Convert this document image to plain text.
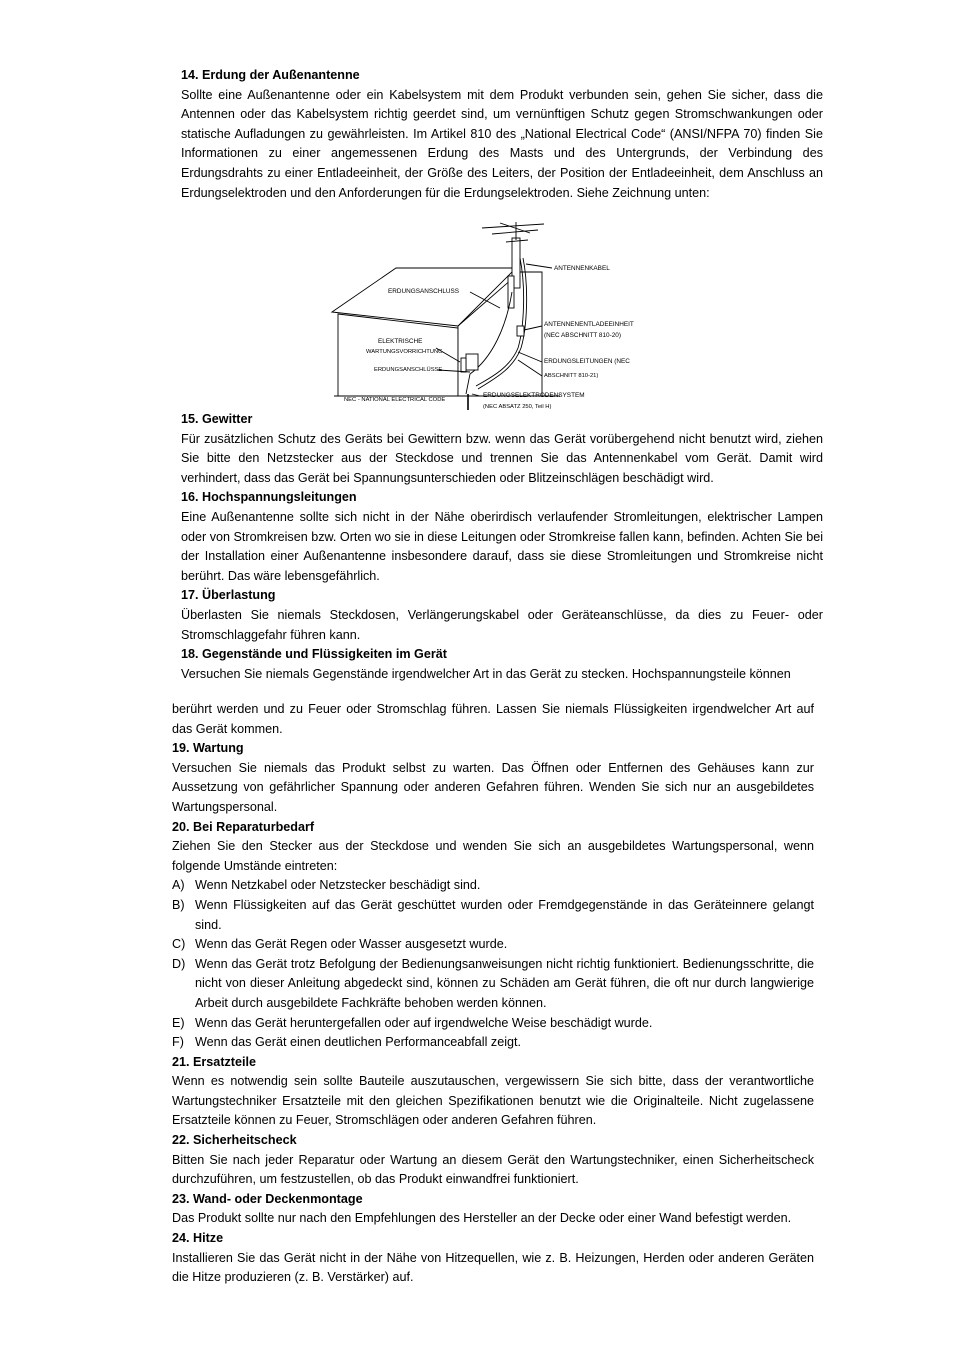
14. Erdung der Außenantenne

Sollte eine Außenantenne oder ein Kabelsystem mit dem Produkt verbunden sein, gehen Sie sicher, dass die Antennen oder das Kabelsystem richtig geerdet sind, um vernünftigen Schutz gegen Stromschwankungen oder statische Aufladungen zu gewährleisten. Im Artikel 810 des „National Electrical Code“ (ANSI/NFPA 70) finden Sie Informationen zu einer angemessenen Erdung des Masts und des Untergrunds, der Verbindung des Erdungsdrahts zu einer Entladeeinheit, der Größe des Leiters, der Position der Entladeeinheit, dem Anschluss an Erdungselektroden und den Anforderungen für die Erdungselektroden. Siehe Zeichnung unten:

ANTENNENKABEL
ERDUNGSANSCHLUSS
ANTENNENENTLADEEINHEIT
(NEC ABSCHNITT 810-20)
ELEKTRISCHE
WARTUNGSVORRICHTUNG
ERDUNGSLEITUNGEN (NEC
ABSCHNITT 810-21)
ERDUNGSANSCHLÜSSE
ERDUNGSELEKTRODENSYSTEM
(NEC ABSATZ 250, Teil H)
NEC - NATIONAL ELECTRICAL CODE
15. Gewitter

Für zusätzlichen Schutz des Geräts bei Gewittern bzw. wenn das Gerät vorübergehend nicht benutzt wird, ziehen Sie bitte den Netzstecker aus der Steckdose und trennen Sie das Antennenkabel vom Gerät. Damit wird verhindert, dass das Gerät bei Spannungsunterschieden oder Blitzeinschlägen beschädigt wird.

16. Hochspannungsleitungen

Eine Außenantenne sollte sich nicht in der Nähe oberirdisch verlaufender Stromleitungen, elektrischer Lampen oder von Stromkreisen bzw. Orten wo sie in diese Leitungen oder Stromkreise fallen kann, befinden. Achten Sie bei der Installation einer Außenantenne insbesondere darauf, dass sie diese Stromleitungen und Stromkreise nicht berührt. Das wäre lebensgefährlich.

17. Überlastung

Überlasten Sie niemals Steckdosen, Verlängerungskabel oder Geräteanschlüsse, da dies zu Feuer- oder Stromschlaggefahr führen kann.

18. Gegenstände und Flüssigkeiten im Gerät

Versuchen Sie niemals Gegenstände irgendwelcher Art in das Gerät zu stecken. Hochspannungsteile können

berührt werden und zu Feuer oder Stromschlag führen. Lassen Sie niemals Flüssigkeiten irgendwelcher Art auf das Gerät kommen.

19. Wartung

Versuchen Sie niemals das Produkt selbst zu warten. Das Öffnen oder Entfernen des Gehäuses kann zur Aussetzung von gefährlicher Spannung oder anderen Gefahren führen. Wenden Sie sich nur an ausgebildetes Wartungspersonal.

20. Bei Reparaturbedarf

Ziehen Sie den Stecker aus der Steckdose und wenden Sie sich an ausgebildetes Wartungspersonal, wenn folgende Umstände eintreten:

A) Wenn Netzkabel oder Netzstecker beschädigt sind.
B) Wenn Flüssigkeiten auf das Gerät geschüttet wurden oder Fremdgegenstände in das Geräteinnere gelangt sind.
C) Wenn das Gerät Regen oder Wasser ausgesetzt wurde.
D) Wenn das Gerät trotz Befolgung der Bedienungsanweisungen nicht richtig funktioniert. Bedienungsschritte, die nicht von dieser Anleitung abgedeckt sind, können zu Schäden am Gerät führen, die oft nur durch langwierige Arbeit durch ausgebildete Fachkräfte behoben werden können.
E) Wenn das Gerät heruntergefallen oder auf irgendwelche Weise beschädigt wurde.
F) Wenn das Gerät einen deutlichen Performanceabfall zeigt.
21. Ersatzteile

Wenn es notwendig sein sollte Bauteile auszutauschen, vergewissern Sie sich bitte, dass der verantwortliche Wartungstechniker Ersatzteile mit den gleichen Spezifikationen benutzt wie die Originalteile. Nicht zugelassene Ersatzteile können zu Feuer, Stromschlägen oder anderen Gefahren führen.

22. Sicherheitscheck

Bitten Sie nach jeder Reparatur oder Wartung an diesem Gerät den Wartungstechniker, einen Sicherheitscheck durchzuführen, um festzustellen, ob das Produkt einwandfrei funktioniert.

23. Wand- oder Deckenmontage

Das Produkt sollte nur nach den Empfehlungen des Hersteller an der Decke oder einer Wand befestigt werden.

24. Hitze

Installieren Sie das Gerät nicht in der Nähe von Hitzequellen, wie z. B. Heizungen, Herden oder anderen Geräten die Hitze produzieren (z. B. Verstärker) auf.
